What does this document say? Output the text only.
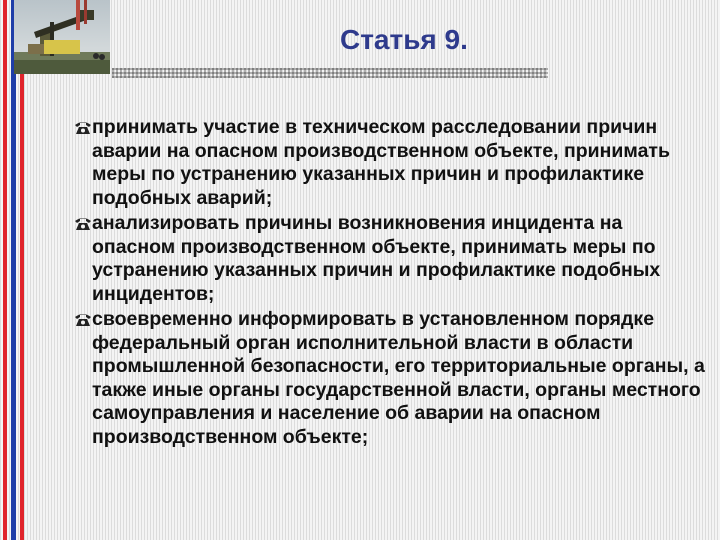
Статья 9.
принимать участие в техническом расследовании причин аварии на опасном производственном объекте, принимать меры по устранению указанных причин и профилактике подобных аварий;
анализировать причины возникновения инцидента на опасном производственном объекте, принимать меры по устранению указанных причин и профилактике подобных инцидентов;
своевременно информировать в установленном порядке федеральный орган исполнительной власти в области промышленной безопасности, его территориальные органы, а также иные органы государственной власти, органы местного самоуправления и население об аварии на опасном производственном объекте;
